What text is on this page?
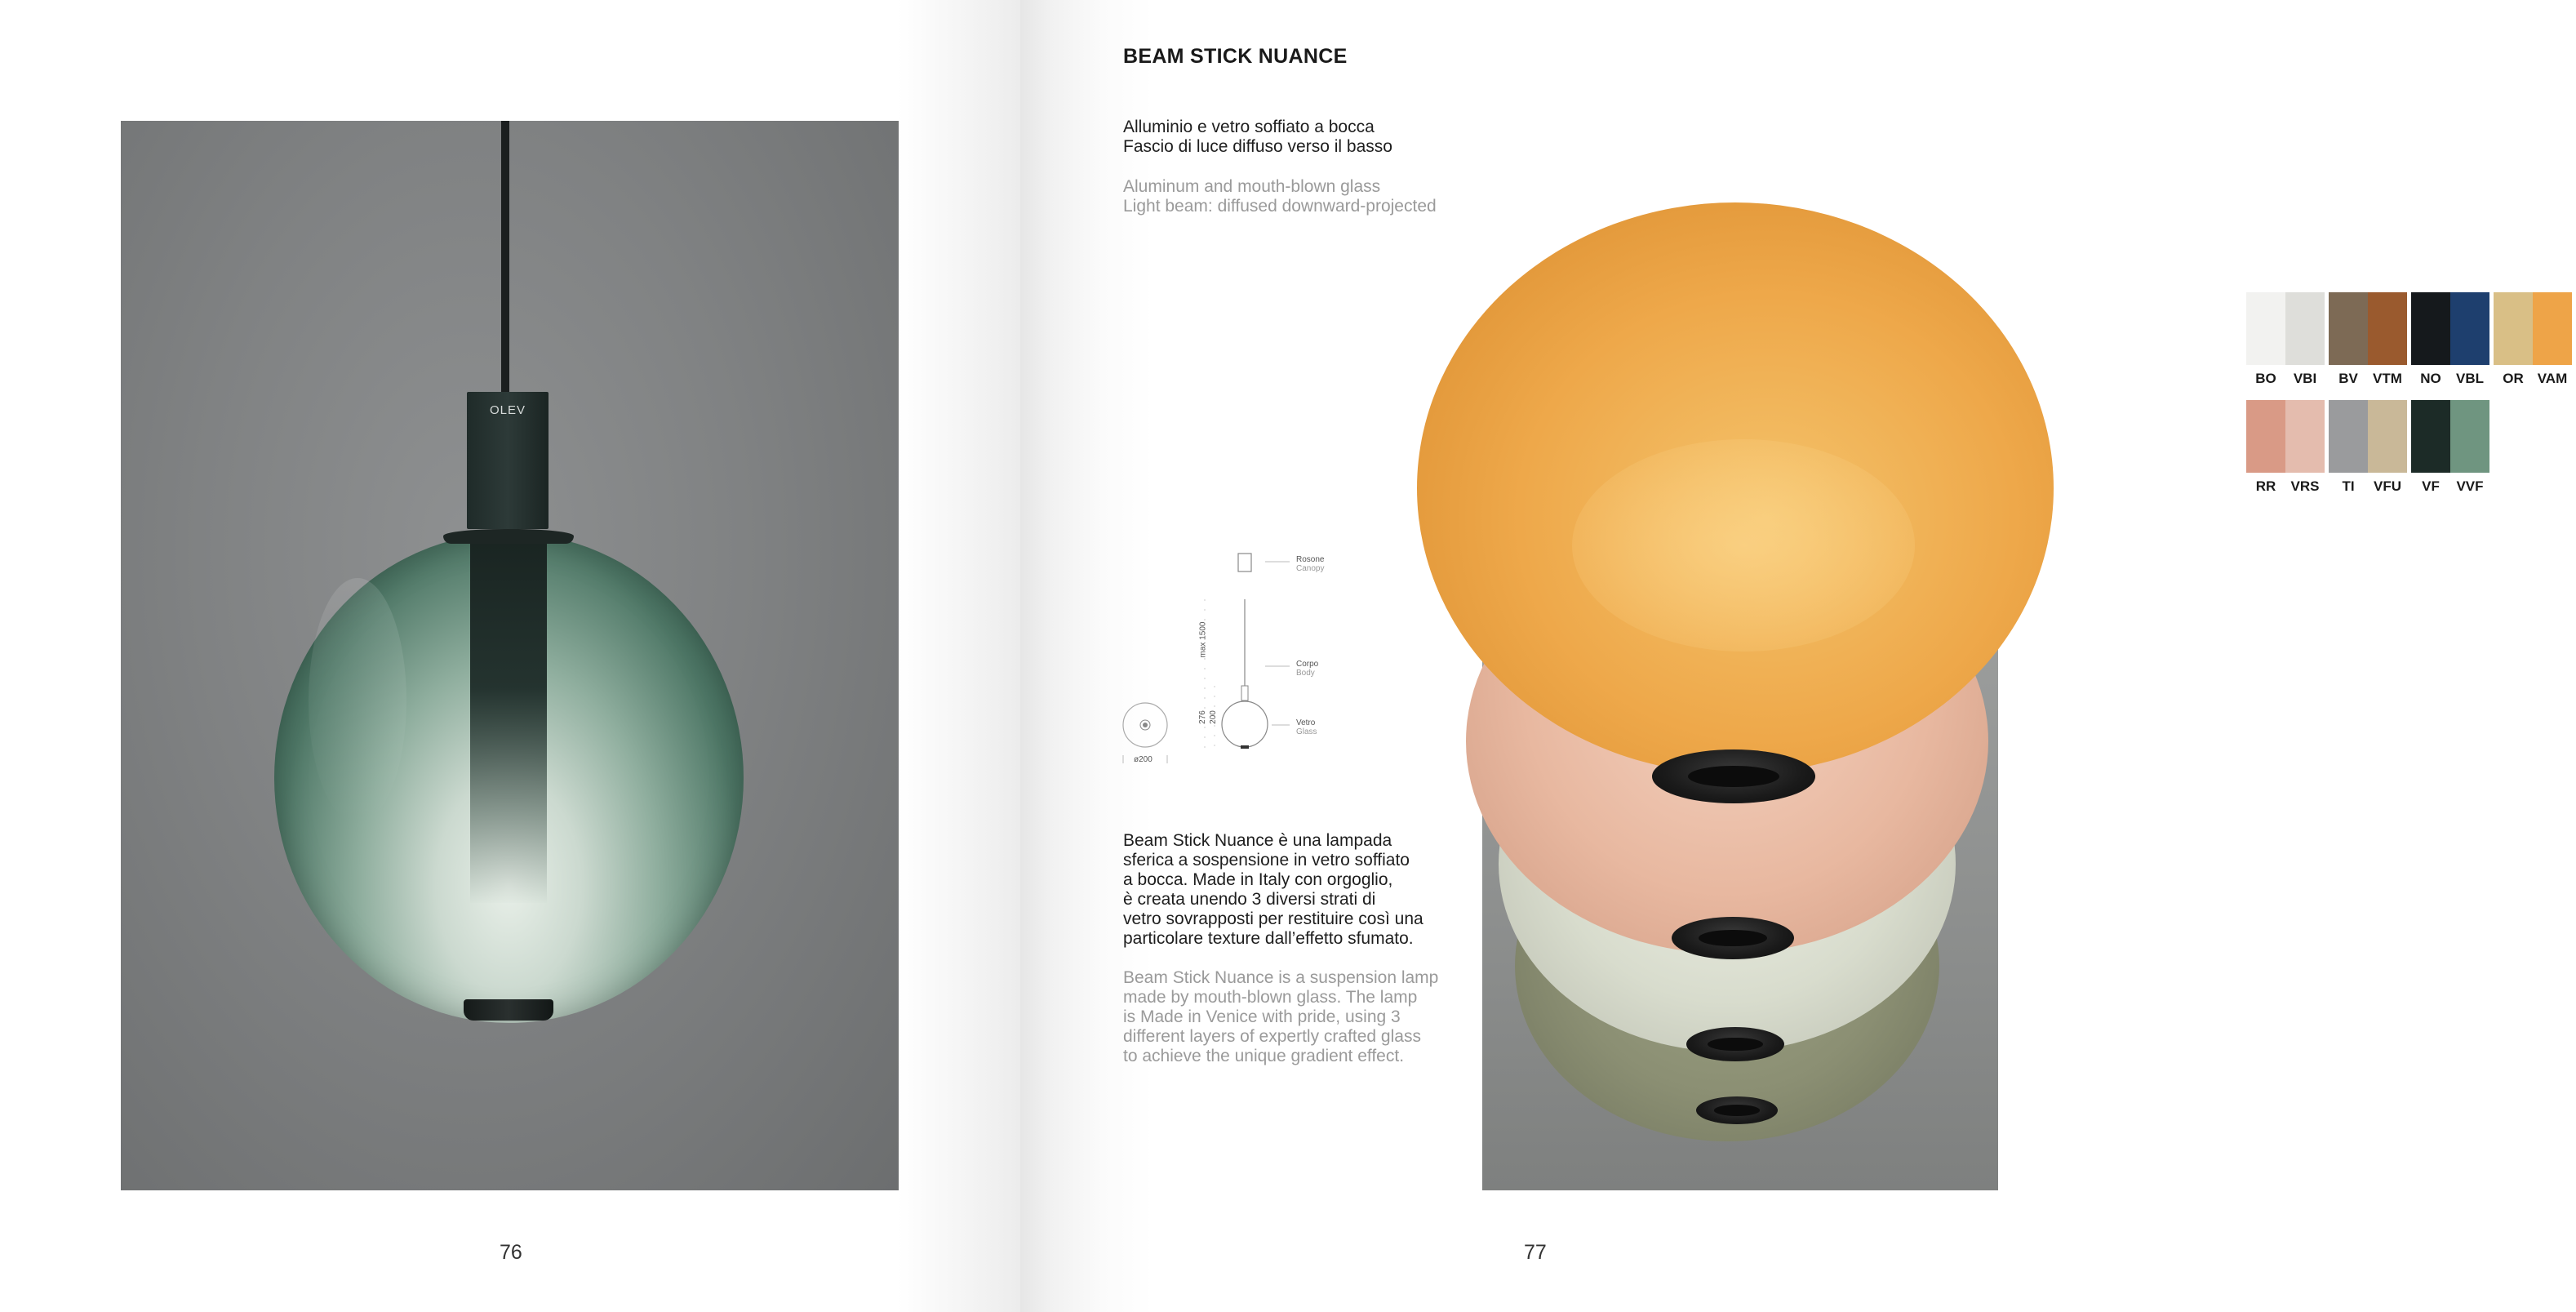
OLEV
76	77
BEAM STICK NUANCE
Alluminio e vetro soffiato a bocca
Fascio di luce diffuso verso il basso
Aluminum and mouth-blown glass
Light beam: diffused downward-projected
BO	VBI	BV	VTM	NO	VBL	OR VAM
RR	VRS	TI	VFU	VF	VVF
Rosone
Canopy
Corpo
Body
Vetro
Glass
max 1500
276 200
ø200
Beam Stick Nuance è una lampada
sferica a sospensione in vetro soffiato
a bocca. Made in Italy con orgoglio,
è creata unendo 3 diversi strati di
vetro sovrapposti per restituire così una
particolare texture dall’effetto sfumato.
Beam Stick Nuance is a suspension lamp
made by mouth-blown glass. The lamp
is Made in Venice with pride, using 3
different layers of expertly crafted glass
to achieve the unique gradient effect.
